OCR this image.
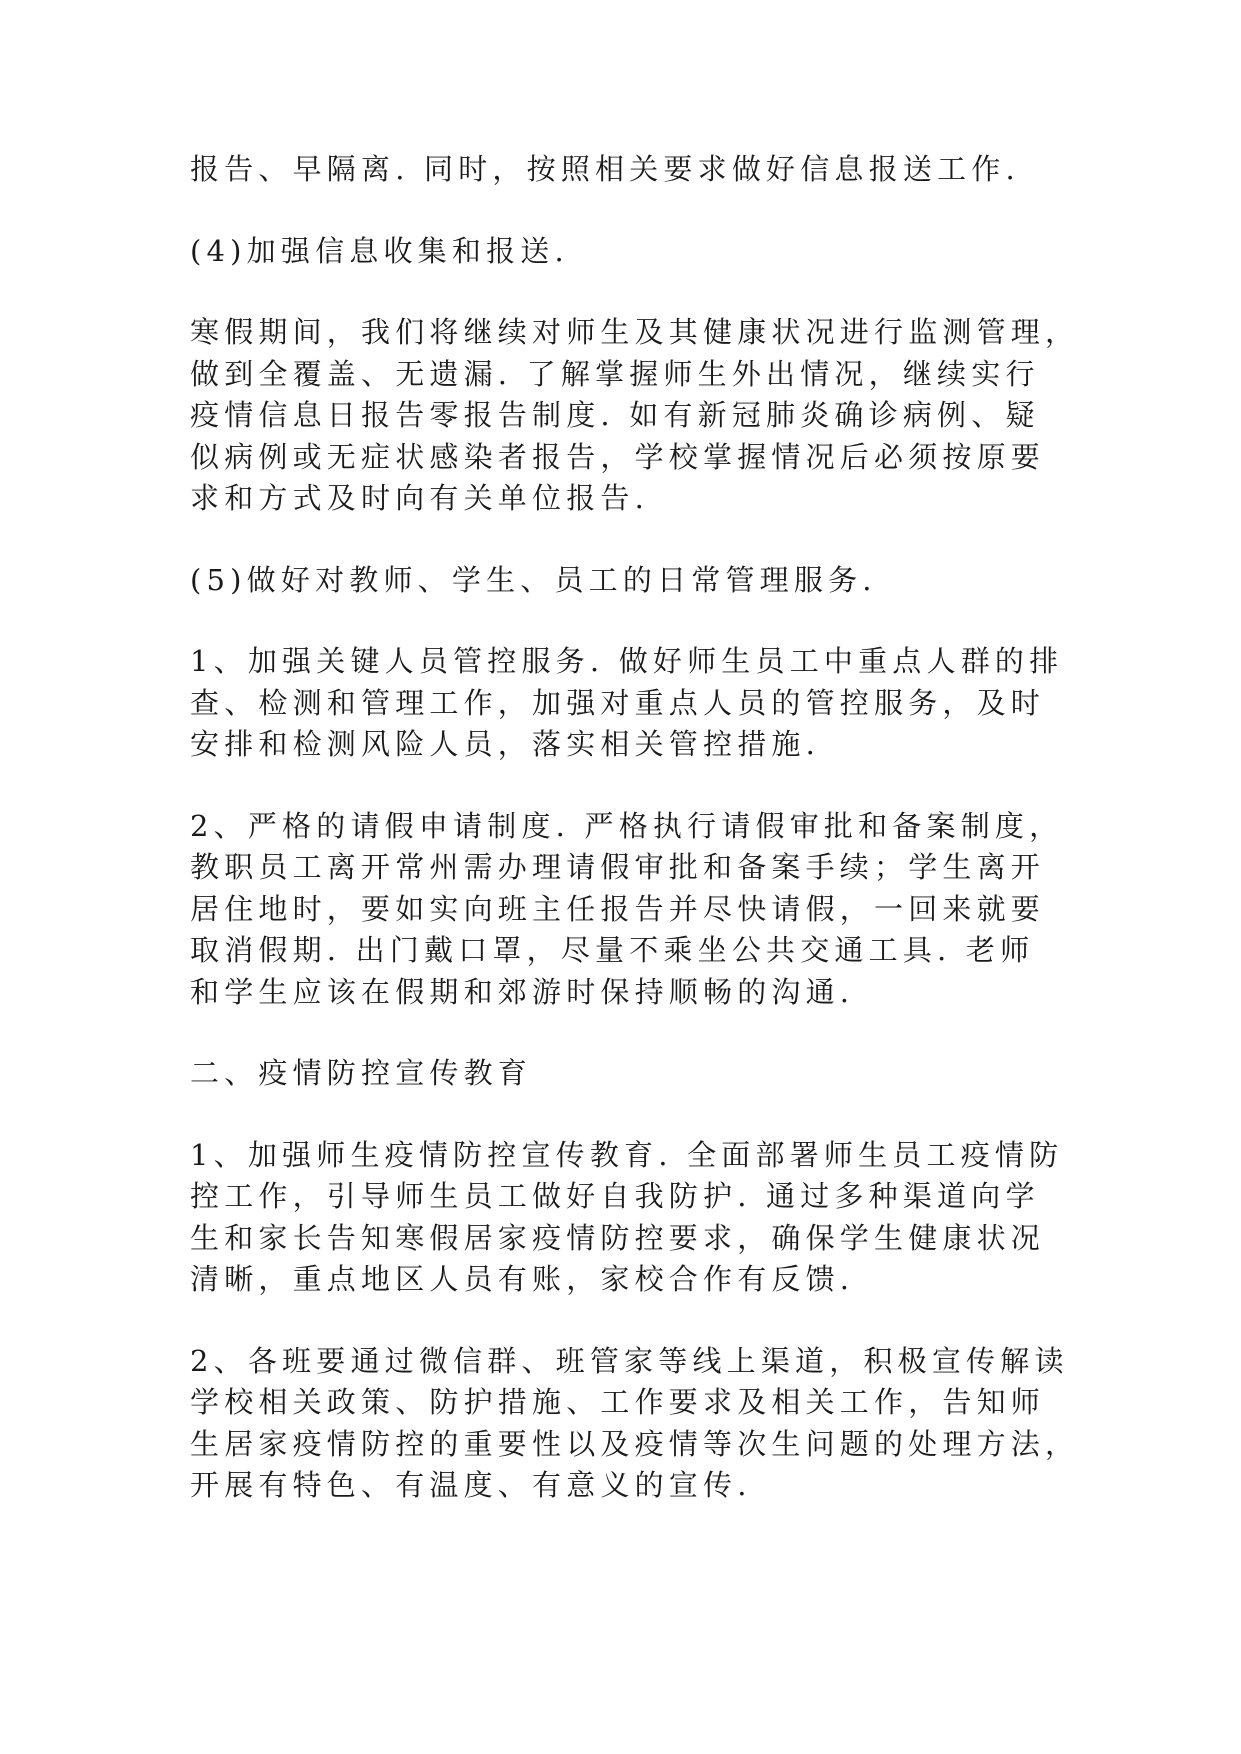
报告、早隔离. 同时，按照相关要求做好信息报送工作.
(4)加强信息收集和报送.
寒假期间，我们将继续对师生及其健康状况进行监测管理，
做到全覆盖、无遗漏. 了解掌握师生外出情况，继续实行
疫情信息日报告零报告制度. 如有新冠肺炎确诊病例、疑
似病例或无症状感染者报告，学校掌握情况后必须按原要
求和方式及时向有关单位报告.
(5)做好对教师、学生、员工的日常管理服务.
1、加强关键人员管控服务. 做好师生员工中重点人群的排
查、检测和管理工作，加强对重点人员的管控服务，及时
安排和检测风险人员，落实相关管控措施.
2、严格的请假申请制度. 严格执行请假审批和备案制度，
教职员工离开常州需办理请假审批和备案手续；学生离开
居住地时，要如实向班主任报告并尽快请假，一回来就要
取消假期. 出门戴口罩，尽量不乘坐公共交通工具. 老师
和学生应该在假期和郊游时保持顺畅的沟通.
二、疫情防控宣传教育
1、加强师生疫情防控宣传教育. 全面部署师生员工疫情防
控工作，引导师生员工做好自我防护. 通过多种渠道向学
生和家长告知寒假居家疫情防控要求，确保学生健康状况
清晰，重点地区人员有账，家校合作有反馈.
2、各班要通过微信群、班管家等线上渠道，积极宣传解读
学校相关政策、防护措施、工作要求及相关工作，告知师
生居家疫情防控的重要性以及疫情等次生问题的处理方法，
开展有特色、有温度、有意义的宣传.
